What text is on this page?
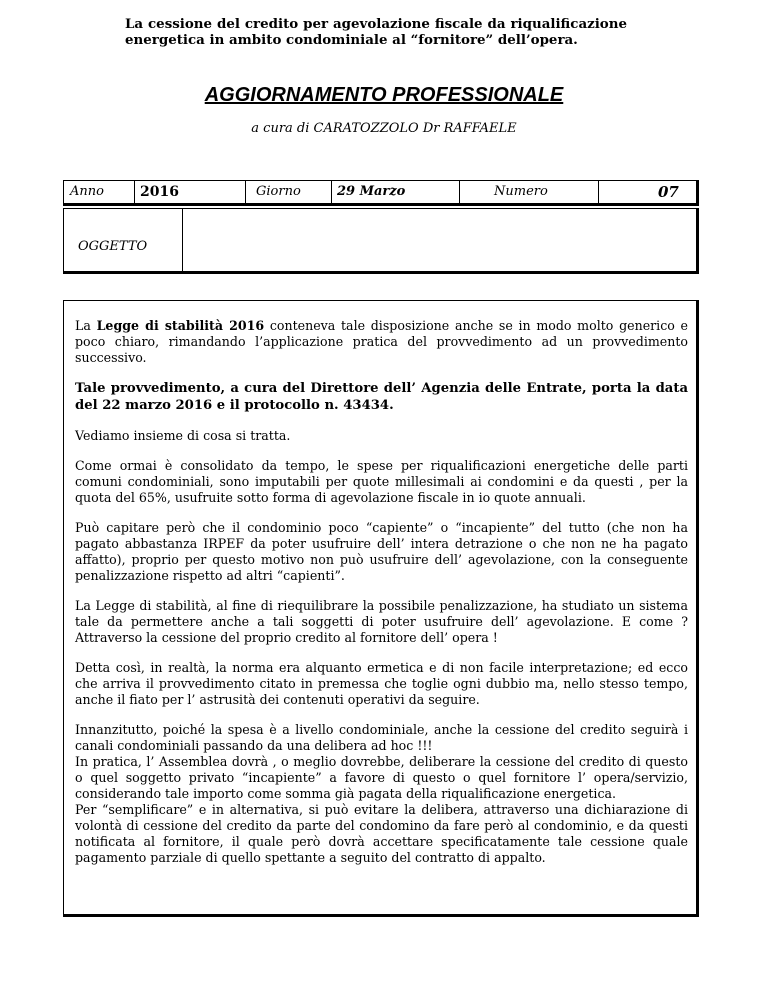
AGGIORNAMENTO PROFESSIONALE
a cura di CARATOZZOLO Dr RAFFAELE
Anno	2016	Giorno	29 Marzo	Numero	07
OGGETTO
La cessione del credito per agevolazione fiscale da riqualificazione energetica in ambito condominiale al “fornitore” dell’opera.

La Legge di stabilità 2016 conteneva tale disposizione anche se in modo molto generico e poco chiaro, rimandando l’applicazione pratica del provvedimento ad un provvedimento successivo.

Tale provvedimento, a cura del Direttore dell’ Agenzia delle Entrate, porta la data del 22 marzo 2016 e il protocollo n. 43434.

Vediamo insieme di cosa si tratta.

Come ormai è consolidato da tempo, le spese per riqualificazioni energetiche delle parti comuni condominiali, sono imputabili per quote millesimali ai condomini e da questi , per la quota del 65%, usufruite sotto forma di agevolazione fiscale in io quote annuali.

Può capitare però che il condominio poco “capiente” o “incapiente” del tutto (che non ha pagato abbastanza IRPEF da poter usufruire dell’ intera detrazione o che non ne ha pagato affatto), proprio per questo motivo non può usufruire dell’ agevolazione, con la conseguente penalizzazione rispetto ad altri “capienti”.

La Legge di stabilità, al fine di riequilibrare la possibile penalizzazione, ha studiato un sistema tale da permettere anche a tali soggetti di poter usufruire dell’ agevolazione. E come ? Attraverso la cessione del proprio credito al fornitore dell’ opera !

Detta così, in realtà, la norma era alquanto ermetica e di non facile interpretazione; ed ecco che arriva il provvedimento citato in premessa che toglie ogni dubbio ma, nello stesso tempo, anche il fiato per l’ astrusità dei contenuti operativi da seguire.

Innanzitutto, poiché la spesa è a livello condominiale, anche la cessione del credito seguirà i canali condominiali passando da una delibera ad hoc !!!

In pratica, l’ Assemblea dovrà , o meglio dovrebbe, deliberare la cessione del credito di questo o quel soggetto privato “incapiente” a favore di questo o quel fornitore l’ opera/servizio, considerando tale importo come somma già pagata della riqualificazione energetica.

Per “semplificare” e in alternativa, si può evitare la delibera, attraverso una dichiarazione di volontà di cessione del credito da parte del condomino da fare però al condominio, e da questi notificata al fornitore, il quale però dovrà accettare specificatamente tale cessione quale pagamento parziale di quello spettante a seguito del contratto di appalto.
